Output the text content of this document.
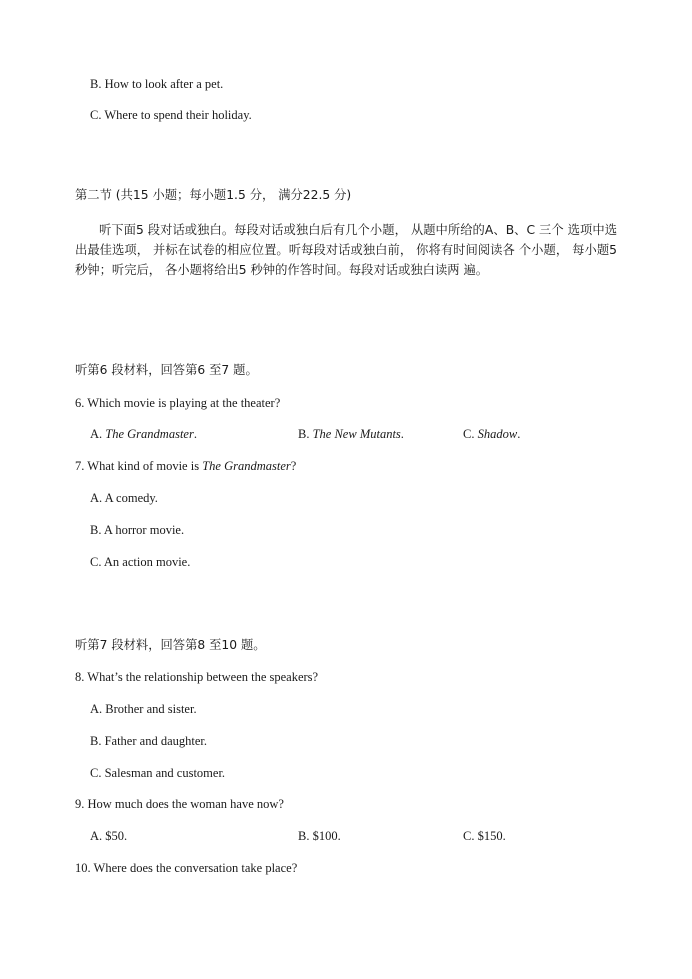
B. How to look after a pet.
C. Where to spend their holiday.
第二节 (共15 小题；每小题1.5 分， 满分22.5 分)
听下面5 段对话或独白。每段对话或独白后有几个小题， 从题中所给的A、B、C 三个 选项中选出最佳选项， 并标在试卷的相应位置。听每段对话或独白前， 你将有时间阅读各 个小题， 每小题5 秒钟；听完后， 各小题将给出5 秒钟的作答时间。每段对话或独白读两 遍。
听第6 段材料，回答第6 至7 题。
6. Which movie is playing at the theater?
A. The Grandmaster.	B. The New Mutants.	C. Shadow.
7. What kind of movie is The Grandmaster?
A. A comedy.
B. A horror movie.
C. An action movie.
听第7 段材料，回答第8 至10 题。
8. What’s the relationship between the speakers?
A. Brother and sister.
B. Father and daughter.
C. Salesman and customer.
9. How much does the woman have now?
A. $50.	B. $100.	C. $150.
10. Where does the conversation take place?
